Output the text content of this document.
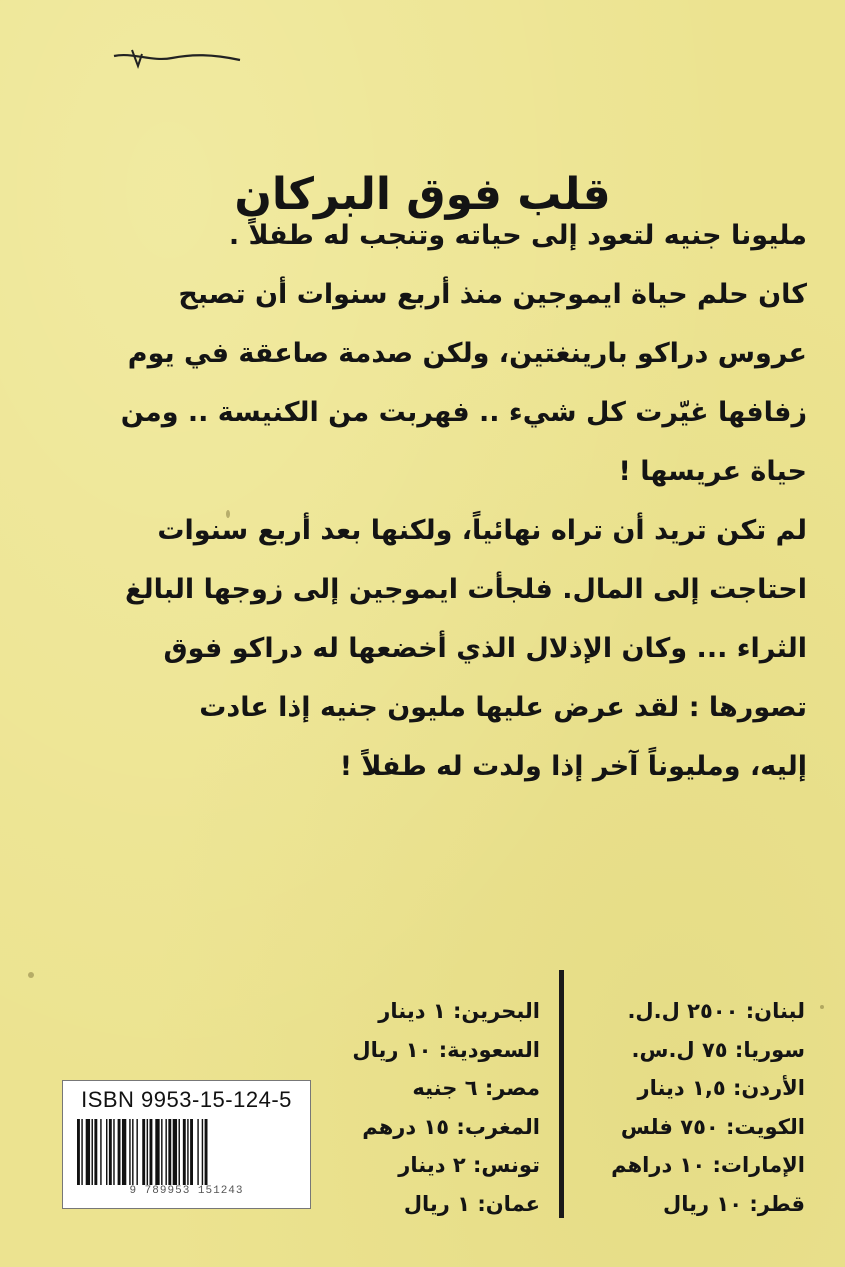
قلب فوق البركان

مليونا جنيه لتعود إلى حياته وتنجب له طفلاً .
كان حلم حياة ايموجين منذ أربع سنوات أن تصبح
عروس دراكو بارينغتين، ولكن صدمة صاعقة في يوم
زفافها غيّرت كل شيء .. فهربت من الكنيسة .. ومن
حياة عريسها !

لم تكن تريد أن تراه نهائياً، ولكنها بعد أربع سنوات
احتاجت إلى المال. فلجأت ايموجين إلى زوجها البالغ
الثراء ... وكان الإذلال الذي أخضعها له دراكو فوق
تصورها : لقد عرض عليها مليون جنيه إذا عادت
إليه، ومليوناً آخر إذا ولدت له طفلاً !

لبنان: ٢٥٠٠ ل.ل.
سوريا: ٧٥ ل.س.
الأردن: ١,٥ دينار
الكويت: ٧٥٠ فلس
الإمارات: ١٠ دراهم
قطر: ١٠ ريال
البحرين: ١ دينار
السعودية: ١٠ ريال
مصر: ٦ جنيه
المغرب: ١٥ درهم
تونس: ٢ دينار
عمان: ١ ريال
ISBN 9953-15-124-5
9 789953 151243
